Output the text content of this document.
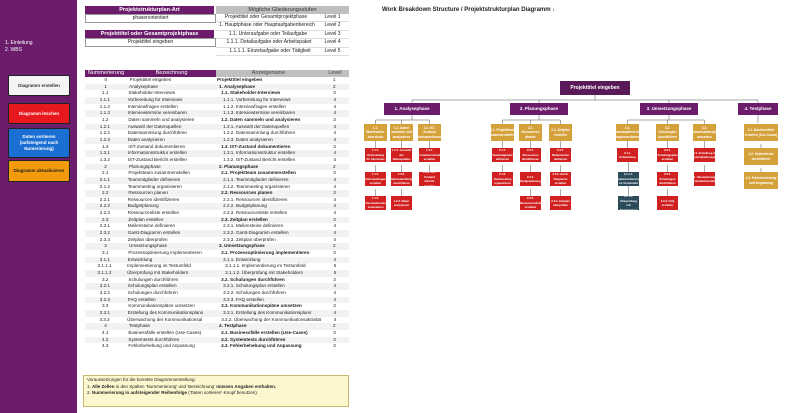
1. Einleitung
2. WBS
Diagramm erstellen
Diagramm löschen
Daten sortieren (aufsteigend nach Numerierung)
Diagramm aktualisieren
Projektstrukturplan-Art
phasenorientiert
Projekttitel oder Gesamtprojektphase
Projekttitel eingeben
Mögliche Gliederungsstufen
Projekttitel oder Gesamtprojektphase	Level 1
1. Hauptphase oder Hauptaufgabenbereich	Level 2
1.1. Unteraufgabe oder Teilaufgabe	Level 3
1.1.1. Detailaufgabe oder Arbeitspaket	Level 4
1.1.1.1. Einzelaufgabe oder Tätigkeit	Level 5
Nummerierung	Bezeichnung	Anzeigename	Level
0	Projekttitel eingeben	Projekttitel eingeben	1
1	Analysephase	1. Analysephase	2
1.1	Stakeholder-Interviews	1.1. Stakeholder-Interviews	3
1.1.1	Vorbereitung für Interviews	1.1.1. Vorbereitung für Interviews	4
1.1.2	Interviewfragen erstellen	1.1.2. Interviewfragen erstellen	4
1.1.3	Interviewtermine vereinbaren	1.1.3. Interviewtermine vereinbaren	4
1.2	Daten sammeln und analysieren	1.2. Daten sammeln und analysieren	3
1.2.1	Auswahl der Datenquellen	1.2.1. Auswahl der Datenquellen	4
1.2.2	Datensammlung durchführen	1.2.2. Datensammlung durchführen	4
1.2.3	Daten analysieren	1.2.3. Daten analysieren	4
1.3	IST-Zustand dokumentieren	1.3. IST-Zustand dokumentieren	3
1.3.1	Informationsstruktur erstellen	1.3.1. Informationsstruktur erstellen	4
1.3.2	IST-Zustand Bericht erstellen	1.3.2. IST-Zustand Bericht erstellen	4
2	Planungsphase	2. Planungsphase	2
2.1	Projektteam zusammenstellen	2.1. Projektteam zusammenstellen	3
2.1.1	Teammitglieder definieren	2.1.1. Teammitglieder definieren	4
2.1.2	Teammeeting organisieren	2.1.2. Teammeeting organisieren	4
2.2	Ressourcen planen	2.2. Ressourcen planen	3
2.2.1	Ressourcen identifizieren	2.2.1. Ressourcen identifizieren	4
2.2.2	Budgetplanung	2.2.2. Budgetplanung	4
2.2.3	Ressourcenliste erstellen	2.2.3. Ressourcenliste erstellen	4
2.3	Zeitplan erstellen	2.3. Zeitplan erstellen	3
2.3.1	Meilensteine definieren	2.3.1. Meilensteine definieren	4
2.3.2	Gantt-Diagramm erstellen	2.3.2. Gantt-Diagramm erstellen	4
2.3.3	Zeitplan überprüfen	2.3.3. Zeitplan überprüfen	4
3	Umsetzungsphase	3. Umsetzungsphase	2
3.1	Prozessoptimierung implementieren	3.1. Prozessoptimierung implementieren	3
3.1.1	Entwicklung	3.1.1. Entwicklung	4
3.1.1.1	Implementierung im Testumfeld	3.1.1.1. Implementierung im Testumfeld	5
3.1.1.2	Überprüfung mit Stakeholdern	3.1.1.2. Überprüfung mit Stakeholdern	5
3.2	Schulungen durchführen	3.2. Schulungen durchführen	3
3.2.1	Schulungsplan erstellen	3.2.1. Schulungsplan erstellen	4
3.2.2	Schulungen durchführen	3.2.2. Schulungen durchführen	4
3.2.3	FAQ erstellen	3.2.3. FAQ erstellen	4
3.3	Kommunikationspläne umsetzen	3.3. Kommunikationspläne umsetzen	3
3.3.1	Erstellung des Kommunikationsplans	3.3.1. Erstellung des Kommunikationsplans	4
3.3.2	Überwachung der Kommunikationsal	3.3.2. Überwachung der Kommunikationsaktivität	4
4	Testphase	4. Testphase	2
4.1	Businessfälle erstellen (Use-Cases)	4.1. Businessfälle erstellen (Use-Cases)	3
4.2	Systemtests durchführen	4.2. Systemtests durchführen	3
4.3	Fehlerbehebung und Anpassung	4.3. Fehlerbehebung und Anpassung	3
Voraussetzungen für die korrekte Diagrammerstellung:
1. Alle Zellen in den Spalten 'Nummerierung' und 'Bezeichnung' müssen Angaben enthalten.
2. Nummerierung in aufsteigender Reihenfolge ('Daten sortieren'-Knopf benutzen).
Work Breakdown Structure / Projektstrukturplan Diagramm ↓
Projekttitel eingeben
1. Analysephase	2. Planungsphase	3. Umsetzungsphase	4. Testphase
1.1. Stakeholder-Interviews
1.2. Daten sammeln und analysieren
1.3. IST-Zustand dokumentieren
2.1. Projektteam zusammenstellen
2.2. Ressourcen planen
2.3. Zeitplan erstellen
3.1. Prozessoptimierung implementieren
3.2. Schulungen durchführen
3.3. Kommunikationspläne umsetzen
4.1. Businessfälle erstellen (Use-Cases)
4.2. Systemtests durchführen
4.3. Fehlerbehebung und Anpassung
1.1.1. Vorbereitung für Interviews
1.1.2. Interviewfragen erstellen
1.1.3. Interviewtermine vereinbaren
1.2.1. Auswahl der Datenquellen
1.2.2. Datensammlung durchführen
1.2.3. Daten analysieren
1.3.1. Informationsstruktur erstellen
1.3.2. IST-Zustand Bericht erstellen
2.1.1. Teammitglieder definieren
2.1.2. Teammeeting organisieren
2.2.1. Ressourcen identifizieren
2.2.2. Budgetplanung
2.2.3. Ressourcenliste erstellen
2.3.1. Meilensteine definieren
2.3.2. Gantt-Diagramm erstellen
2.3.3. Zeitplan überprüfen
3.1.1. Entwicklung
3.2.1. Schulungsplan erstellen
3.2.2. Schulungen durchführen
3.2.3. FAQ erstellen
3.3.1. Erstellung des Kommunikationsplans
3.3.2. Überwachung der Kommunikationsaktivität
3.1.1.1. Implementierung im Testumfeld
3.1.1.2. Überprüfung mit Stakeholdern
